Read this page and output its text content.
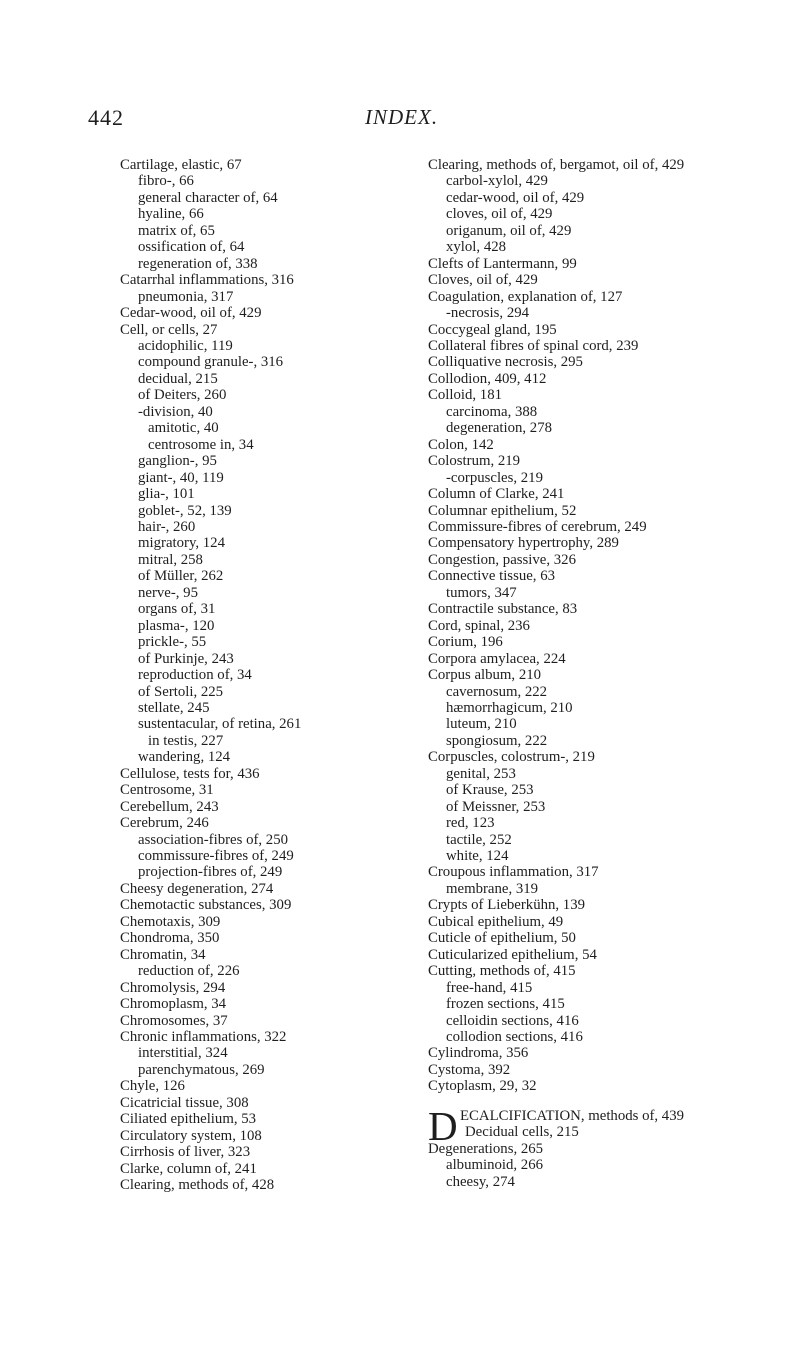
442	INDEX.
Cartilage, elastic, 67
fibro-, 66
general character of, 64
hyaline, 66
matrix of, 65
ossification of, 64
regeneration of, 338
Catarrhal inflammations, 316
pneumonia, 317
Cedar-wood, oil of, 429
Cell, or cells, 27
acidophilic, 119
compound granule-, 316
decidual, 215
of Deiters, 260
-division, 40
amitotic, 40
centrosome in, 34
ganglion-, 95
giant-, 40, 119
glia-, 101
goblet-, 52, 139
hair-, 260
migratory, 124
mitral, 258
of Müller, 262
nerve-, 95
organs of, 31
plasma-, 120
prickle-, 55
of Purkinje, 243
reproduction of, 34
of Sertoli, 225
stellate, 245
sustentacular, of retina, 261
in testis, 227
wandering, 124
Cellulose, tests for, 436
Centrosome, 31
Cerebellum, 243
Cerebrum, 246
association-fibres of, 250
commissure-fibres of, 249
projection-fibres of, 249
Cheesy degeneration, 274
Chemotactic substances, 309
Chemotaxis, 309
Chondroma, 350
Chromatin, 34
reduction of, 226
Chromolysis, 294
Chromoplasm, 34
Chromosomes, 37
Chronic inflammations, 322
interstitial, 324
parenchymatous, 269
Chyle, 126
Cicatricial tissue, 308
Ciliated epithelium, 53
Circulatory system, 108
Cirrhosis of liver, 323
Clarke, column of, 241
Clearing, methods of, 428
Clearing, methods of, bergamot, oil of, 429
carbol-xylol, 429
cedar-wood, oil of, 429
cloves, oil of, 429
origanum, oil of, 429
xylol, 428
Clefts of Lantermann, 99
Cloves, oil of, 429
Coagulation, explanation of, 127
-necrosis, 294
Coccygeal gland, 195
Collateral fibres of spinal cord, 239
Colliquative necrosis, 295
Collodion, 409, 412
Colloid, 181
carcinoma, 388
degeneration, 278
Colon, 142
Colostrum, 219
-corpuscles, 219
Column of Clarke, 241
Columnar epithelium, 52
Commissure-fibres of cerebrum, 249
Compensatory hypertrophy, 289
Congestion, passive, 326
Connective tissue, 63
tumors, 347
Contractile substance, 83
Cord, spinal, 236
Corium, 196
Corpora amylacea, 224
Corpus album, 210
cavernosum, 222
hæmorrhagicum, 210
luteum, 210
spongiosum, 222
Corpuscles, colostrum-, 219
genital, 253
of Krause, 253
of Meissner, 253
red, 123
tactile, 252
white, 124
Croupous inflammation, 317
membrane, 319
Crypts of Lieberkühn, 139
Cubical epithelium, 49
Cuticle of epithelium, 50
Cuticularized epithelium, 54
Cutting, methods of, 415
free-hand, 415
frozen sections, 415
celloidin sections, 416
collodion sections, 416
Cylindroma, 356
Cystoma, 392
Cytoplasm, 29, 32
D ECALCIFICATION, methods of, 439
Decidual cells, 215
Degenerations, 265
albuminoid, 266
cheesy, 274
